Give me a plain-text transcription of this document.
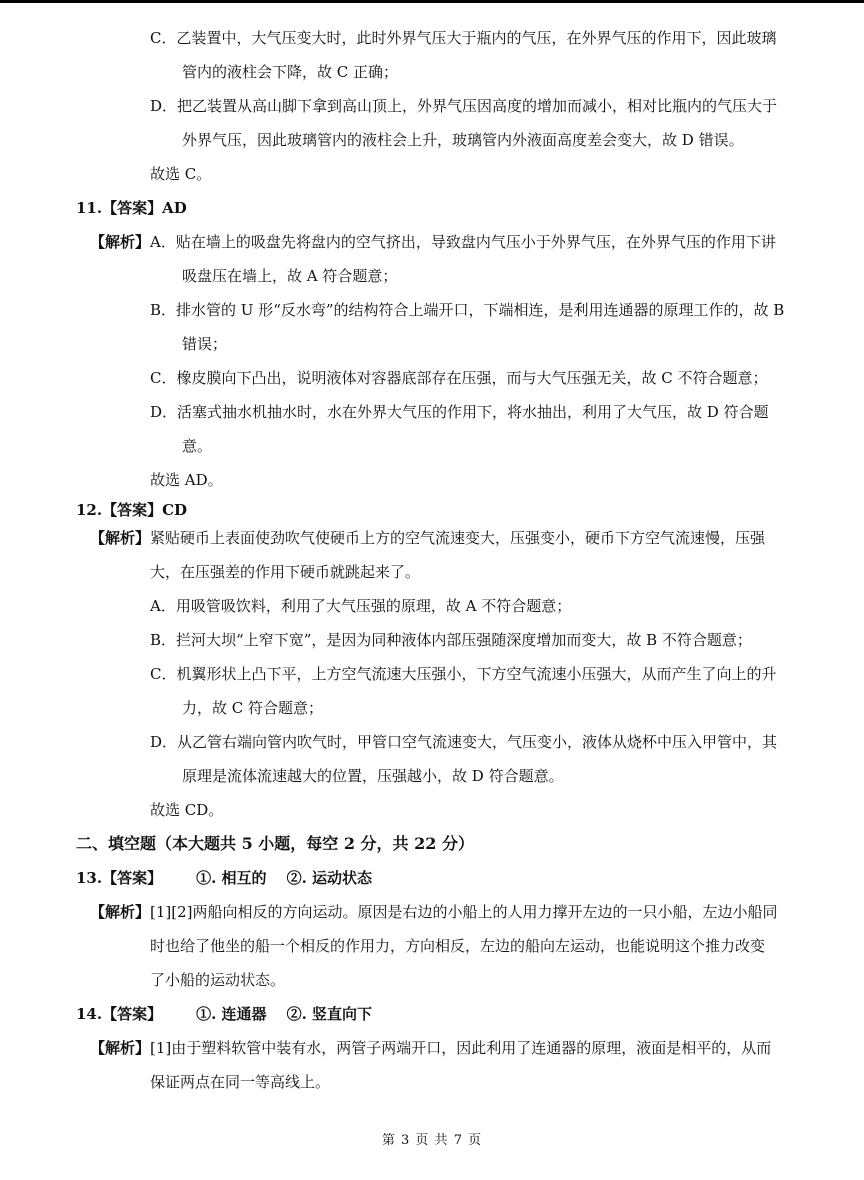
C．乙装置中，大气压变大时，此时外界气压大于瓶内的气压，在外界气压的作用下，因此玻璃
管内的液柱会下降，故 C 正确；
D．把乙装置从高山脚下拿到高山顶上，外界气压因高度的增加而减小，相对比瓶内的气压大于
外界气压，因此玻璃管内的液柱会上升，玻璃管内外液面高度差会变大，故 D 错误。
故选 C。
11.【答案】AD
【解析】 A．贴在墙上的吸盘先将盘内的空气挤出，导致盘内气压小于外界气压，在外界气压的作用下讲
吸盘压在墙上，故 A 符合题意；
B．排水管的 U 形“反水弯”的结构符合上端开口，下端相连，是利用连通器的原理工作的，故 B
错误；
C．橡皮膜向下凸出，说明液体对容器底部存在压强，而与大气压强无关，故 C 不符合题意；
D．活塞式抽水机抽水时，水在外界大气压的作用下，将水抽出，利用了大气压，故 D 符合题
意。
故选 AD。
12.【答案】CD
【解析】 紧贴硬币上表面使劲吹气使硬币上方的空气流速变大，压强变小，硬币下方空气流速慢，压强
大，在压强差的作用下硬币就跳起来了。
A．用吸管吸饮料，利用了大气压强的原理，故 A 不符合题意；
B．拦河大坝“上窄下宽”，是因为同种液体内部压强随深度增加而变大，故 B 不符合题意；
C．机翼形状上凸下平，上方空气流速大压强小，下方空气流速小压强大，从而产生了向上的升
力，故 C 符合题意；
D．从乙管右端向管内吹气时，甲管口空气流速变大，气压变小，液体从烧杯中压入甲管中，其
原理是流体流速越大的位置，压强越小，故 D 符合题意。
故选 CD。
二、填空题（本大题共 5 小题，每空 2 分，共 22 分）
13.【答案】 ①. 相互的 ②. 运动状态
【解析】 [1][2]两船向相反的方向运动。原因是右边的小船上的人用力撑开左边的一只小船，左边小船同
时也给了他坐的船一个相反的作用力，方向相反，左边的船向左运动，也能说明这个推力改变
了小船的运动状态。
14.【答案】 ①. 连通器 ②. 竖直向下
【解析】 [1]由于塑料软管中装有水，两管子两端开口，因此利用了连通器的原理，液面是相平的，从而
保证两点在同一等高线上。
第 3 页 共 7 页
